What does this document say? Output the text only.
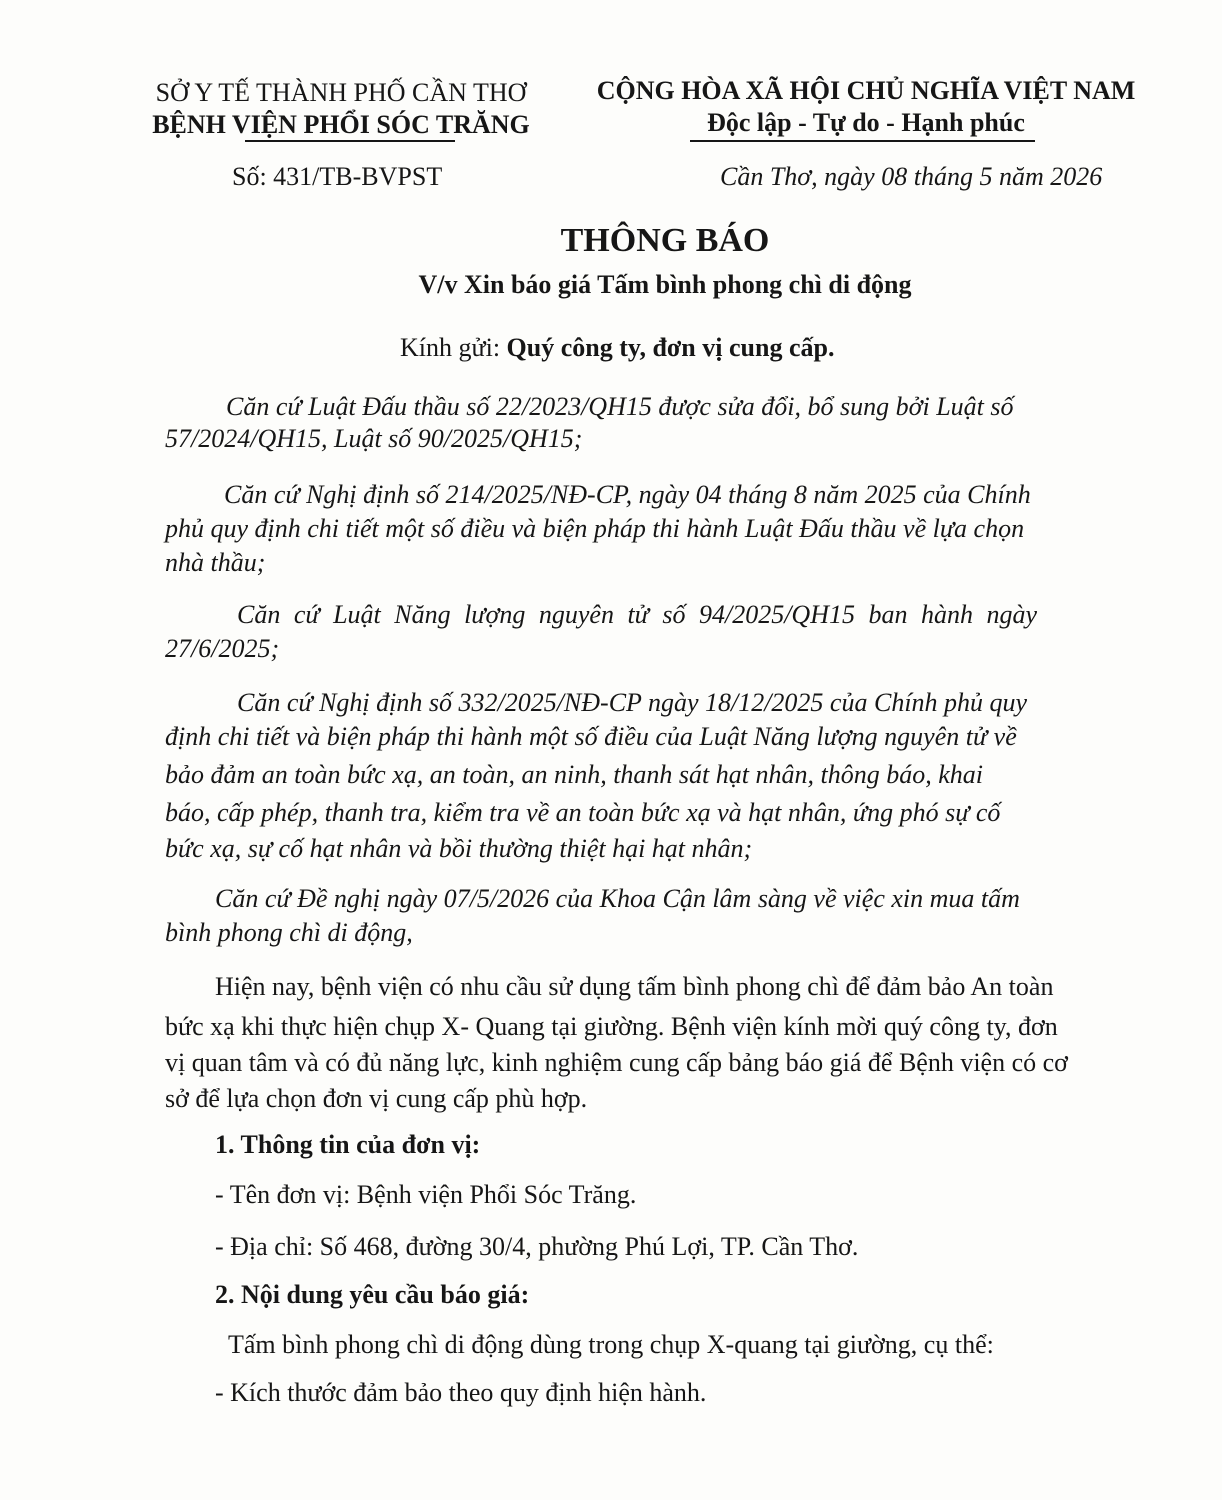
SỞ Y TẾ THÀNH PHỐ CẦN THƠ
BỆNH VIỆN PHỔI SÓC TRĂNG
Số: 431/TB-BVPST
CỘNG HÒA XÃ HỘI CHỦ NGHĨA VIỆT NAM
Độc lập - Tự do - Hạnh phúc
Cần Thơ, ngày 08 tháng 5 năm 2026
THÔNG BÁO
V/v Xin báo giá Tấm bình phong chì di động
Kính gửi: Quý công ty, đơn vị cung cấp.
Căn cứ Luật Đấu thầu số 22/2023/QH15 được sửa đổi, bổ sung bởi Luật số
57/2024/QH15, Luật số 90/2025/QH15;
Căn cứ Nghị định số 214/2025/NĐ-CP, ngày 04 tháng 8 năm 2025 của Chính
phủ quy định chi tiết một số điều và biện pháp thi hành Luật Đấu thầu về lựa chọn
nhà thầu;
Căn cứ Luật Năng lượng nguyên tử số 94/2025/QH15 ban hành ngày
27/6/2025;
Căn cứ Nghị định số 332/2025/NĐ-CP ngày 18/12/2025 của Chính phủ quy
định chi tiết và biện pháp thi hành một số điều của Luật Năng lượng nguyên tử về
bảo đảm an toàn bức xạ, an toàn, an ninh, thanh sát hạt nhân, thông báo, khai
báo, cấp phép, thanh tra, kiểm tra về an toàn bức xạ và hạt nhân, ứng phó sự cố
bức xạ, sự cố hạt nhân và bồi thường thiệt hại hạt nhân;
Căn cứ Đề nghị ngày 07/5/2026 của Khoa Cận lâm sàng về việc xin mua tấm
bình phong chì di động,
Hiện nay, bệnh viện có nhu cầu sử dụng tấm bình phong chì để đảm bảo An toàn
bức xạ khi thực hiện chụp X- Quang tại giường. Bệnh viện kính mời quý công ty, đơn
vị quan tâm và có đủ năng lực, kinh nghiệm cung cấp bảng báo giá để Bệnh viện có cơ
sở để lựa chọn đơn vị cung cấp phù hợp.
1. Thông tin của đơn vị:
- Tên đơn vị: Bệnh viện Phổi Sóc Trăng.
- Địa chỉ: Số 468, đường 30/4, phường Phú Lợi, TP. Cần Thơ.
2. Nội dung yêu cầu báo giá:
Tấm bình phong chì di động dùng trong chụp X-quang tại giường, cụ thể:
- Kích thước đảm bảo theo quy định hiện hành.
